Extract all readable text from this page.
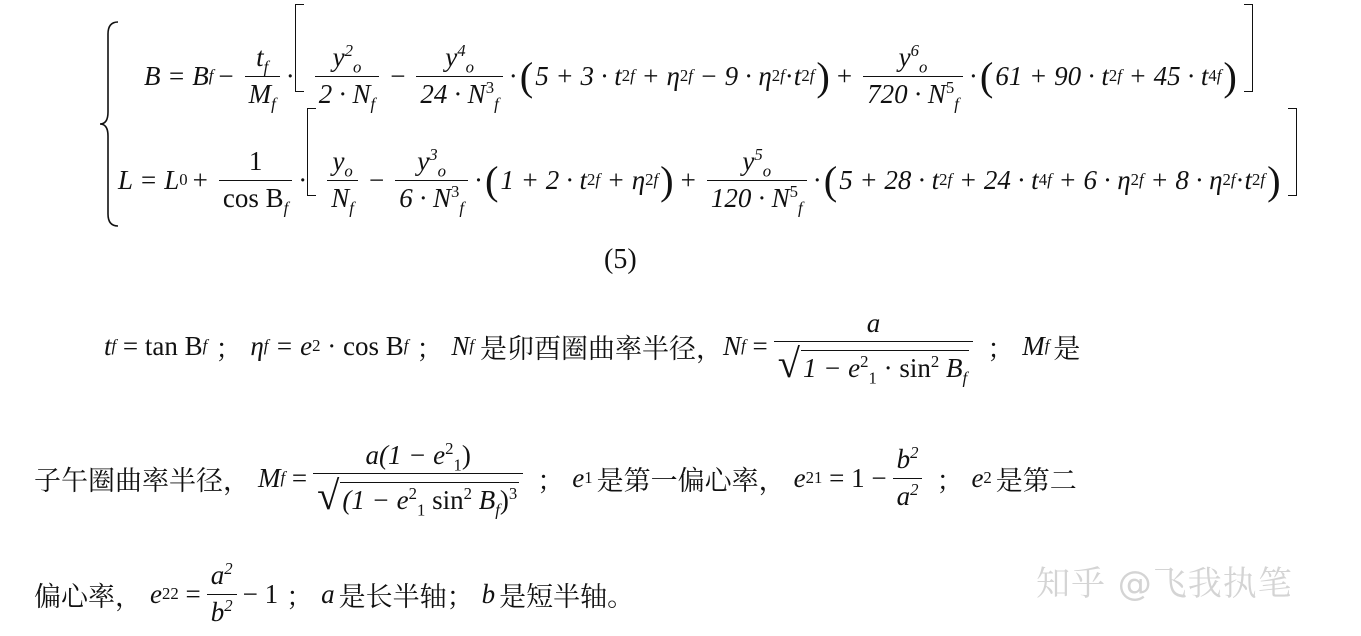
B = B $f - \frac{t_f}{M_f} \cdot \frac{y^2_o}{2 \cdot N_f} - \frac{y^4_o}{24 \cdot N^3_f}$ · ( 5 + 3 · t 2 f
+ η 2 f
− 9 · η 2 f · t 2 f ) + $\frac{y^6_o}{720 \cdot N^5_f}$ · ( 61 + 90 · t 2 f
+ 45 · t 4 f )
L = L $0 + \frac{1}{\cos B_f} \cdot \frac{y_o}{N_f} - \frac{y^3_o}{6 \cdot N^3_f}$ · ( 1 + 2 · t 2 f
+ η 2 f ) + $\frac{y^5_o}{120 \cdot N^5_f}$ · ( 5 + 28 · t 2 f
+ 24 · t 4 f
+ 6 · η 2 f
+ 8 · η 2 f · t 2 f )
(5)
t f
= tan B f ； η f
= e 2
· cos B f ； N f 是卯酉圈曲率半径， N $f = \frac{a}{√ 1 - e^2_1 \cdot \sin^2 B_f}$ ； M f 是
子午圈曲率半径， M $f = \frac{a(1 - e^2_1)}{√ (1 - e^2_1 \sin^2 B_f)^3}$ ； e 1 是第一偏心率， e 2 1
= $1 - \frac{b^2}{a^2}$ ； e 2 是第二
偏心率， e 2 $2 = \frac{a^2}{b^2} - 1$ ； a 是长半轴； b 是短半轴。	知乎 @飞我执笔
